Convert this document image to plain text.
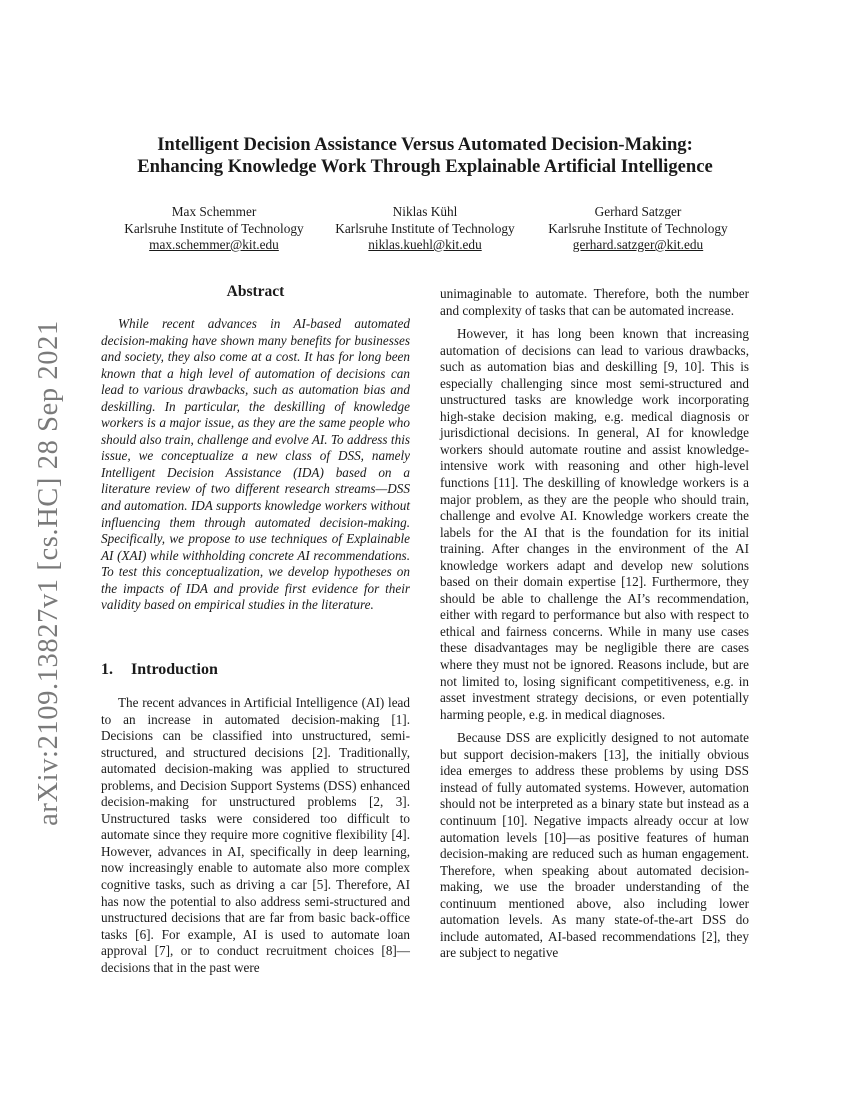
arXiv:2109.13827v1 [cs.HC] 28 Sep 2021
Intelligent Decision Assistance Versus Automated Decision-Making:
Enhancing Knowledge Work Through Explainable Artificial Intelligence
Max Schemmer
Karlsruhe Institute of Technology
max.schemmer@kit.edu
Niklas Kühl
Karlsruhe Institute of Technology
niklas.kuehl@kit.edu
Gerhard Satzger
Karlsruhe Institute of Technology
gerhard.satzger@kit.edu
Abstract

While recent advances in AI-based automated decision-making have shown many benefits for businesses and society, they also come at a cost. It has for long been known that a high level of automation of decisions can lead to various drawbacks, such as automation bias and deskilling. In particular, the deskilling of knowledge workers is a major issue, as they are the same people who should also train, challenge and evolve AI. To address this issue, we conceptualize a new class of DSS, namely Intelligent Decision Assistance (IDA) based on a literature review of two different research streams—DSS and automation. IDA supports knowledge workers without influencing them through automated decision-making. Specifically, we propose to use techniques of Explainable AI (XAI) while withholding concrete AI recommendations. To test this conceptualization, we develop hypotheses on the impacts of IDA and provide first evidence for their validity based on empirical studies in the literature.

1. Introduction

The recent advances in Artificial Intelligence (AI) lead to an increase in automated decision-making [1]. Decisions can be classified into unstructured, semi-structured, and structured decisions [2]. Traditionally, automated decision-making was applied to structured problems, and Decision Support Systems (DSS) enhanced decision-making for unstructured problems [2, 3]. Unstructured tasks were considered too difficult to automate since they require more cognitive flexibility [4]. However, advances in AI, specifically in deep learning, now increasingly enable to automate also more complex cognitive tasks, such as driving a car [5]. Therefore, AI has now the potential to also address semi-structured and unstructured decisions that are far from basic back-office tasks [6]. For example, AI is used to automate loan approval [7], or to conduct recruitment choices [8]—decisions that in the past were

unimaginable to automate. Therefore, both the number and complexity of tasks that can be automated increase.

However, it has long been known that increasing automation of decisions can lead to various drawbacks, such as automation bias and deskilling [9, 10]. This is especially challenging since most semi-structured and unstructured tasks are knowledge work incorporating high-stake decision making, e.g. medical diagnosis or jurisdictional decisions. In general, AI for knowledge workers should automate routine and assist knowledge-intensive work with reasoning and other high-level functions [11]. The deskilling of knowledge workers is a major problem, as they are the people who should train, challenge and evolve AI. Knowledge workers create the labels for the AI that is the foundation for its initial training. After changes in the environment of the AI knowledge workers adapt and develop new solutions based on their domain expertise [12]. Furthermore, they should be able to challenge the AI’s recommendation, either with regard to performance but also with respect to ethical and fairness concerns. While in many use cases these disadvantages may be negligible there are cases where they must not be ignored. Reasons include, but are not limited to, losing significant competitiveness, e.g. in asset investment strategy decisions, or even potentially harming people, e.g. in medical diagnoses.

Because DSS are explicitly designed to not automate but support decision-makers [13], the initially obvious idea emerges to address these problems by using DSS instead of fully automated systems. However, automation should not be interpreted as a binary state but instead as a continuum [10]. Negative impacts already occur at low automation levels [10]—as positive features of human decision-making are reduced such as human engagement. Therefore, when speaking about automated decision-making, we use the broader understanding of the continuum mentioned above, also including lower automation levels. As many state-of-the-art DSS do include automated, AI-based recommendations [2], they are subject to negative
